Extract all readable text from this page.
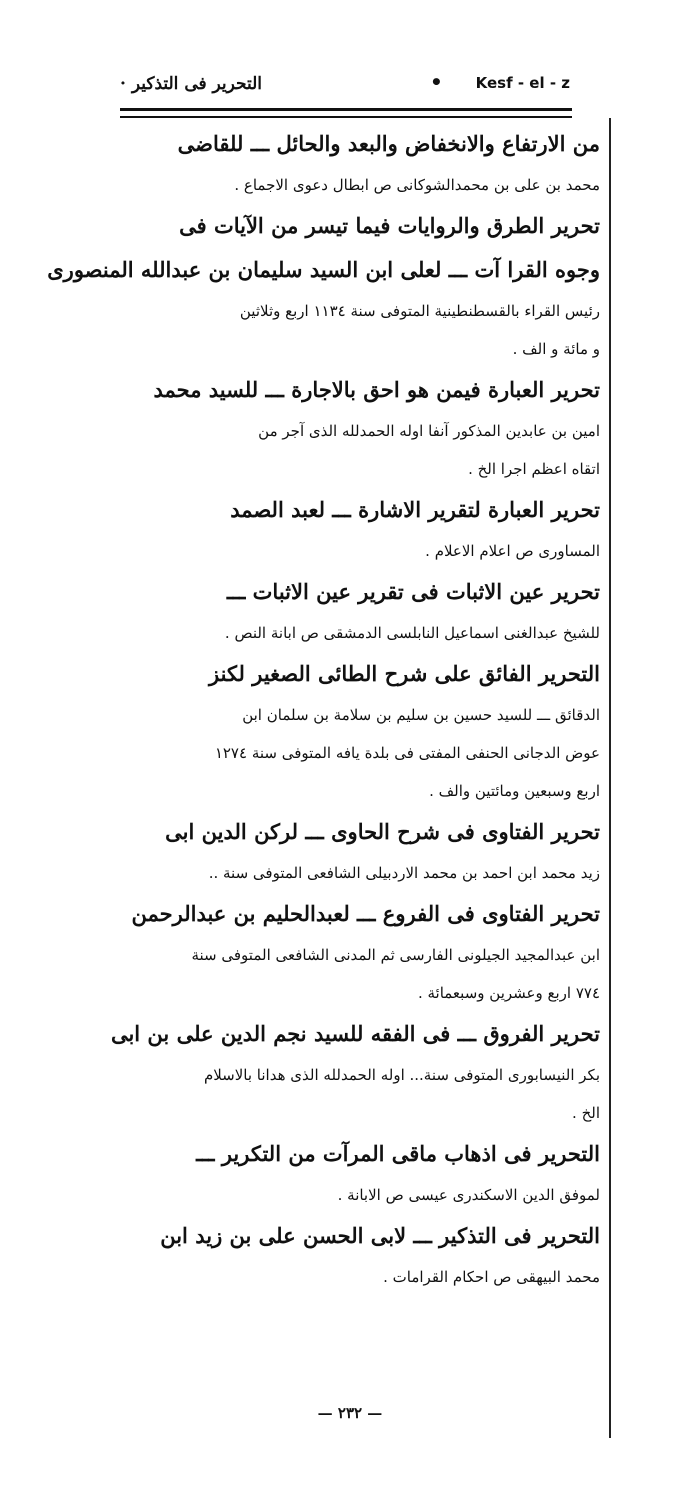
التحرير فى التذكير ·	• Kesf - el - z
من الارتفاع والانخفاض والبعد والحائل ـــ للقاضى
محمد بن على بن محمدالشوكانى ص ابطال دعوى الاجماع .
تحرير الطرق والروايات فيما تيسر من الآيات فى
وجوه القرا آت ـــ لعلى ابن السيد سليمان بن عبدالله المنصورى
رئيس القراء بالقسطنطينية المتوفى سنة ١١٣٤ اربع وثلاثين
و مائة و الف .
تحرير العبارة فيمن هو احق بالاجارة ـــ للسيد محمد
امين بن عابدين المذكور آنفا اوله الحمدلله الذى آجر من
اتقاه اعظم اجرا الخ .
تحرير العبارة لتقرير الاشارة ـــ لعبد الصمد
المساورى ص اعلام الاعلام .
تحرير عين الاثبات فى تقرير عين الاثبات ـــ
للشيخ عبدالغنى اسماعيل النابلسى الدمشقى ص ابانة النص .
التحرير الفائق على شرح الطائى الصغير لكنز
الدقائق ـــ للسيد حسين بن سليم بن سلامة بن سلمان ابن
عوض الدجانى الحنفى المفتى فى بلدة يافه المتوفى سنة ١٢٧٤
اربع وسبعين ومائتين والف .
تحرير الفتاوى فى شرح الحاوى ـــ لركن الدين ابى
زيد محمد ابن احمد بن محمد الاردبيلى الشافعى المتوفى سنة ..
تحرير الفتاوى فى الفروع ـــ لعبدالحليم بن عبدالرحمن
ابن عبدالمجيد الجيلونى الفارسى ثم المدنى الشافعى المتوفى سنة
٧٧٤ اربع وعشرين وسبعمائة .
تحرير الفروق ـــ فى الفقه للسيد نجم الدين على بن ابى
بكر النيسابورى المتوفى سنة... اوله الحمدلله الذى هدانا بالاسلام
الخ .
التحرير فى اذهاب ماقى المرآت من التكرير ـــ
لموفق الدين الاسكندرى عيسى ص الابانة .
التحرير فى التذكير ـــ لابى الحسن على بن زيد ابن
محمد البيهقى ص احكام القرامات .
— ٢٣٢ —
